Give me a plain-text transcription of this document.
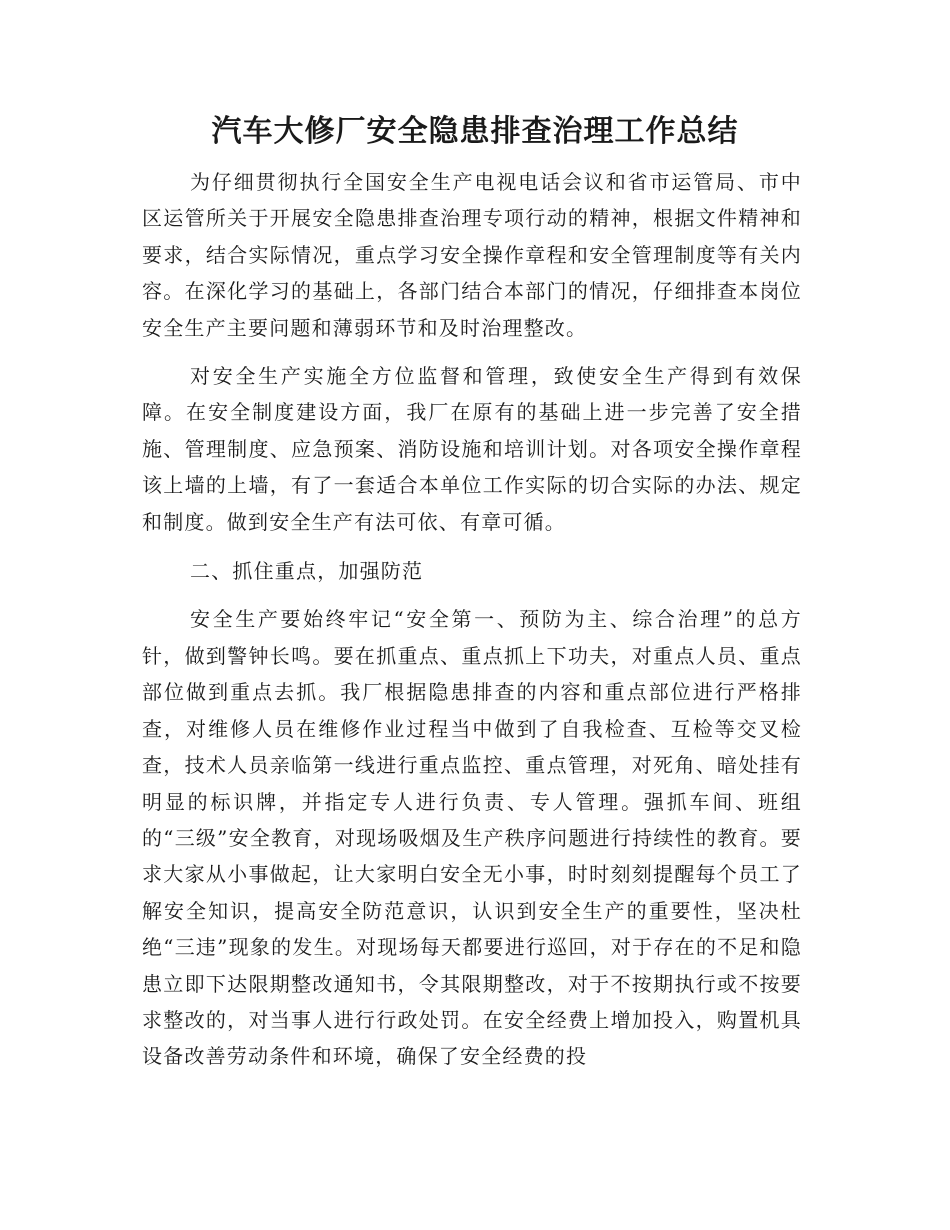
汽车大修厂安全隐患排查治理工作总结

为仔细贯彻执行全国安全生产电视电话会议和省市运管局、市中区运管所关于开展安全隐患排查治理专项行动的精神，根据文件精神和要求，结合实际情况，重点学习安全操作章程和安全管理制度等有关内容。在深化学习的基础上，各部门结合本部门的情况，仔细排查本岗位安全生产主要问题和薄弱环节和及时治理整改。

对安全生产实施全方位监督和管理，致使安全生产得到有效保障。在安全制度建设方面，我厂在原有的基础上进一步完善了安全措施、管理制度、应急预案、消防设施和培训计划。对各项安全操作章程该上墙的上墙，有了一套适合本单位工作实际的切合实际的办法、规定和制度。做到安全生产有法可依、有章可循。

二、抓住重点，加强防范

安全生产要始终牢记“安全第一、预防为主、综合治理”的总方针，做到警钟长鸣。要在抓重点、重点抓上下功夫，对重点人员、重点部位做到重点去抓。我厂根据隐患排查的内容和重点部位进行严格排查，对维修人员在维修作业过程当中做到了自我检查、互检等交叉检查，技术人员亲临第一线进行重点监控、重点管理，对死角、暗处挂有明显的标识牌，并指定专人进行负责、专人管理。强抓车间、班组的“三级”安全教育，对现场吸烟及生产秩序问题进行持续性的教育。要求大家从小事做起，让大家明白安全无小事，时时刻刻提醒每个员工了解安全知识，提高安全防范意识，认识到安全生产的重要性，坚决杜绝“三违”现象的发生。对现场每天都要进行巡回，对于存在的不足和隐患立即下达限期整改通知书，令其限期整改，对于不按期执行或不按要求整改的，对当事人进行行政处罚。在安全经费上增加投入，购置机具设备改善劳动条件和环境，确保了安全经费的投
